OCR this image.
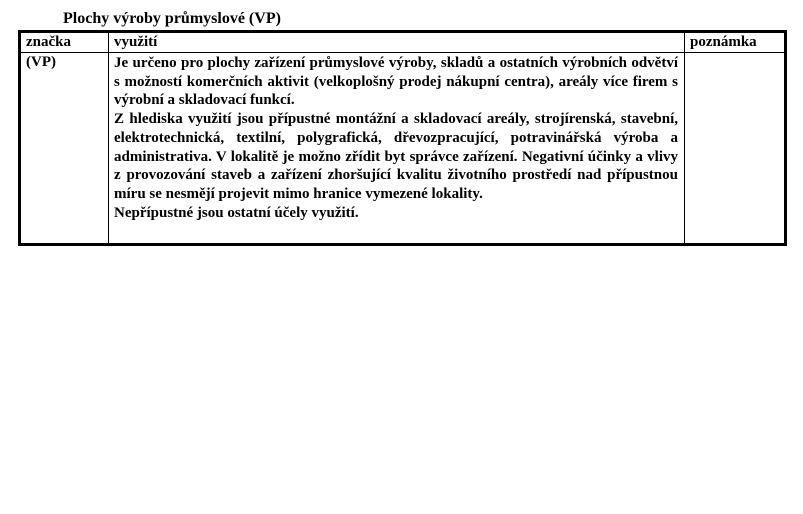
Plochy výroby průmyslové (VP)
značka	využití	poznámka
(VP)	Je určeno pro plochy zařízení průmyslové výroby, skladů a ostatních výrobních odvětví s možností komerčních aktivit (velkoplošný prodej nákupní centra), areály více firem s výrobní a skladovací funkcí.

Z hlediska využití jsou přípustné montážní a skladovací areály, strojírenská, stavební, elektrotechnická, textilní, polygrafická, dřevozpracující, potravinářská výroba a administrativa. V lokalitě je možno zřídit byt správce zařízení. Negativní účinky a vlivy z provozování staveb a zařízení zhoršující kvalitu životního prostředí nad přípustnou míru se nesmějí projevit mimo hranice vymezené lokality.

Nepřípustné jsou ostatní účely využití.	
